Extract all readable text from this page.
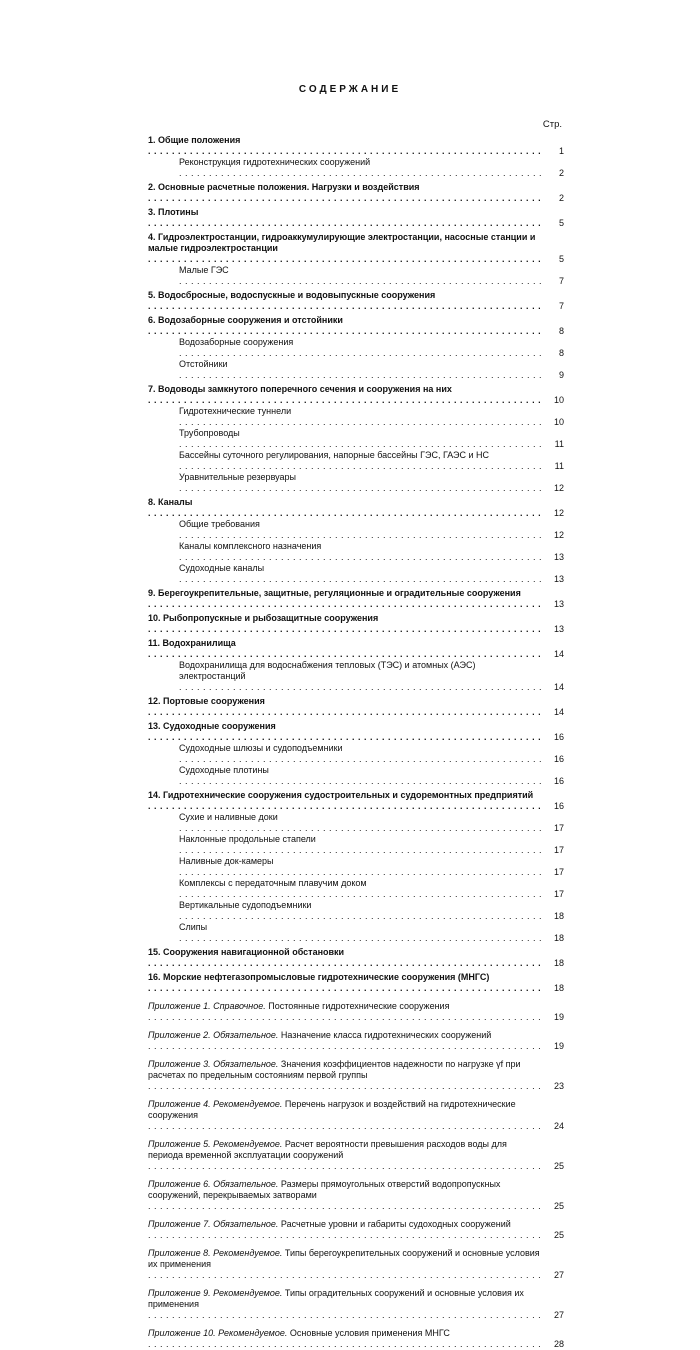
СОДЕРЖАНИЕ
Стр.
1. Общие положения . . .
1
Реконструкция гидротехнических сооружений . . .
2
2. Основные расчетные положения. Нагрузки и воздействия . . .
2
3. Плотины . . .
5
4. Гидроэлектростанции, гидроаккумулирующие электростанции, насосные станции и малые гидроэлектростанции . . .
5
Малые ГЭС . . .
7
5. Водосбросные, водоспускные и водовыпускные сооружения . . .
7
6. Водозаборные сооружения и отстойники . . .
8
Водозаборные сооружения . . .
8
Отстойники . . .
9
7. Водоводы замкнутого поперечного сечения и сооружения на них . . .
10
Гидротехнические туннели . . .
10
Трубопроводы . . .
11
Бассейны суточного регулирования, напорные бассейны ГЭС, ГАЭС и НС . . .
11
Уравнительные резервуары . . .
12
8. Каналы . . .
12
Общие требования . . .
12
Каналы комплексного назначения . . .
13
Судоходные каналы . . .
13
9. Берегоукрепительные, защитные, регуляционные и оградительные сооружения . . .
13
10. Рыбопропускные и рыбозащитные сооружения . . .
13
11. Водохранилища . . .
14
Водохранилища для водоснабжения тепловых (ТЭС) и атомных (АЭС) электростанций . . .
14
12. Портовые сооружения . . .
14
13. Судоходные сооружения . . .
16
Судоходные шлюзы и судоподъемники . . .
16
Судоходные плотины . . .
16
14. Гидротехнические сооружения судостроительных и судоремонтных предприятий . . .
16
Сухие и наливные доки . . .
17
Наклонные продольные стапели . . .
17
Наливные док-камеры . . .
17
Комплексы с передаточным плавучим доком . . .
17
Вертикальные судоподъемники . . .
18
Слипы . . .
18
15. Сооружения навигационной обстановки . . .
18
16. Морские нефтегазопромысловые гидротехнические сооружения (МНГС) . . .
18
Приложение 1. Справочное. Постоянные гидротехнические сооружения . . .
19
Приложение 2. Обязательное. Назначение класса гидротехнических сооружений . . .
19
Приложение 3. Обязательное. Значения коэффициентов надежности по нагрузке γf при расчетах по предельным состояниям первой группы . . .
23
Приложение 4. Рекомендуемое. Перечень нагрузок и воздействий на гидротехнические сооружения . . .
24
Приложение 5. Рекомендуемое. Расчет вероятности превышения расходов воды для периода временной эксплуатации сооружений . . .
25
Приложение 6. Обязательное. Размеры прямоугольных отверстий водопропускных сооружений, перекрываемых затворами . . .
25
Приложение 7. Обязательное. Расчетные уровни и габариты судоходных сооружений . . .
25
Приложение 8. Рекомендуемое. Типы берегоукрепительных сооружений и основные условия их применения . . .
27
Приложение 9. Рекомендуемое. Типы оградительных сооружений и основные условия их применения . . .
27
Приложение 10. Рекомендуемое. Основные условия применения МНГС . . .
28
